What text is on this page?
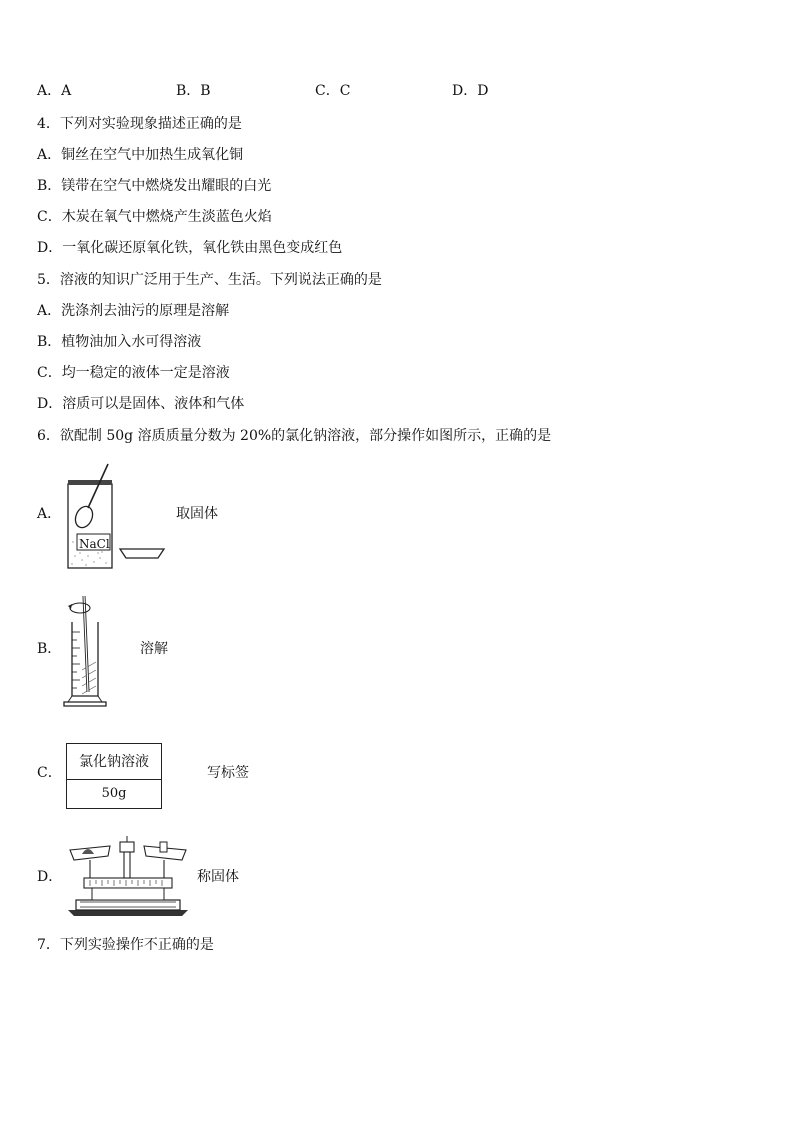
A．A	B．B	C．C	D．D
4．下列对实验现象描述正确的是
A．铜丝在空气中加热生成氧化铜
B．镁带在空气中燃烧发出耀眼的白光
C．木炭在氧气中燃烧产生淡蓝色火焰
D．一氧化碳还原氧化铁，氧化铁由黑色变成红色
5．溶液的知识广泛用于生产、生活。下列说法正确的是
A．洗涤剂去油污的原理是溶解
B．植物油加入水可得溶液
C．均一稳定的液体一定是溶液
D．溶质可以是固体、液体和气体
6．欲配制 50g 溶质质量分数为 20%的氯化钠溶液，部分操作如图所示，正确的是
A．
NaCl
取固体
B．	溶解
C．
氯化钠溶液
50g
写标签
D．	称固体
7．下列实验操作不正确的是
